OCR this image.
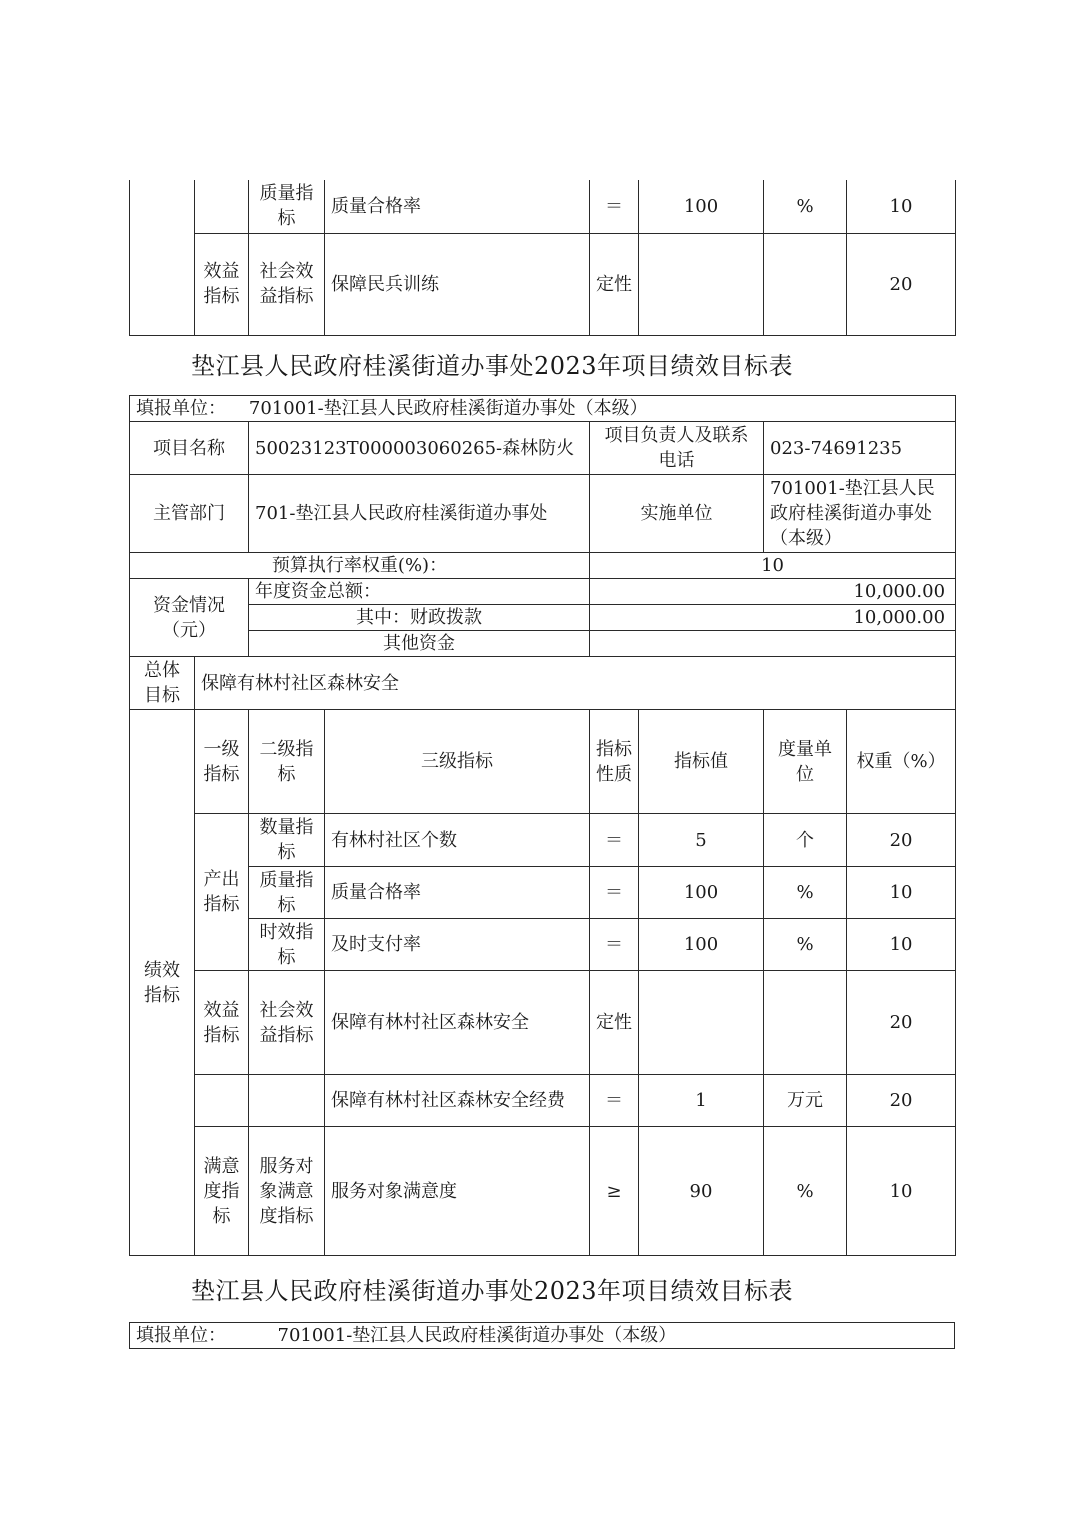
		质量指标	质量合格率	＝	100	%	10
	效益指标	社会效益指标	保障民兵训练	定性			20
垫江县人民政府桂溪街道办事处2023年项目绩效目标表
填报单位： 701001-垫江县人民政府桂溪街道办事处（本级）							
项目名称		50023123T000003060265-森林防火		项目负责人及联系电话		023-74691235	
主管部门		701-垫江县人民政府桂溪街道办事处		实施单位		701001-垫江县人民政府桂溪街道办事处（本级）	
预算执行率权重(%)：				10			
资金情况（元）		年度资金总额：		10,000.00			
		其中：财政拨款		10,000.00			
		其他资金					
总体目标	保障有林村社区森林安全						
绩效指标	一级指标	二级指标	三级指标	指标性质	指标值	度量单位	权重（%）
	产出指标	数量指标	有林村社区个数	＝	5	个	20
		质量指标	质量合格率	＝	100	%	10
		时效指标	及时支付率	＝	100	%	10
	效益指标	社会效益指标	保障有林村社区森林安全	定性			20
			保障有林村社区森林安全经费	＝	1	万元	20
	满意度指标	服务对象满意度指标	服务对象满意度	≥	90	%	10
垫江县人民政府桂溪街道办事处2023年项目绩效目标表
填报单位：	701001-垫江县人民政府桂溪街道办事处（本级）
